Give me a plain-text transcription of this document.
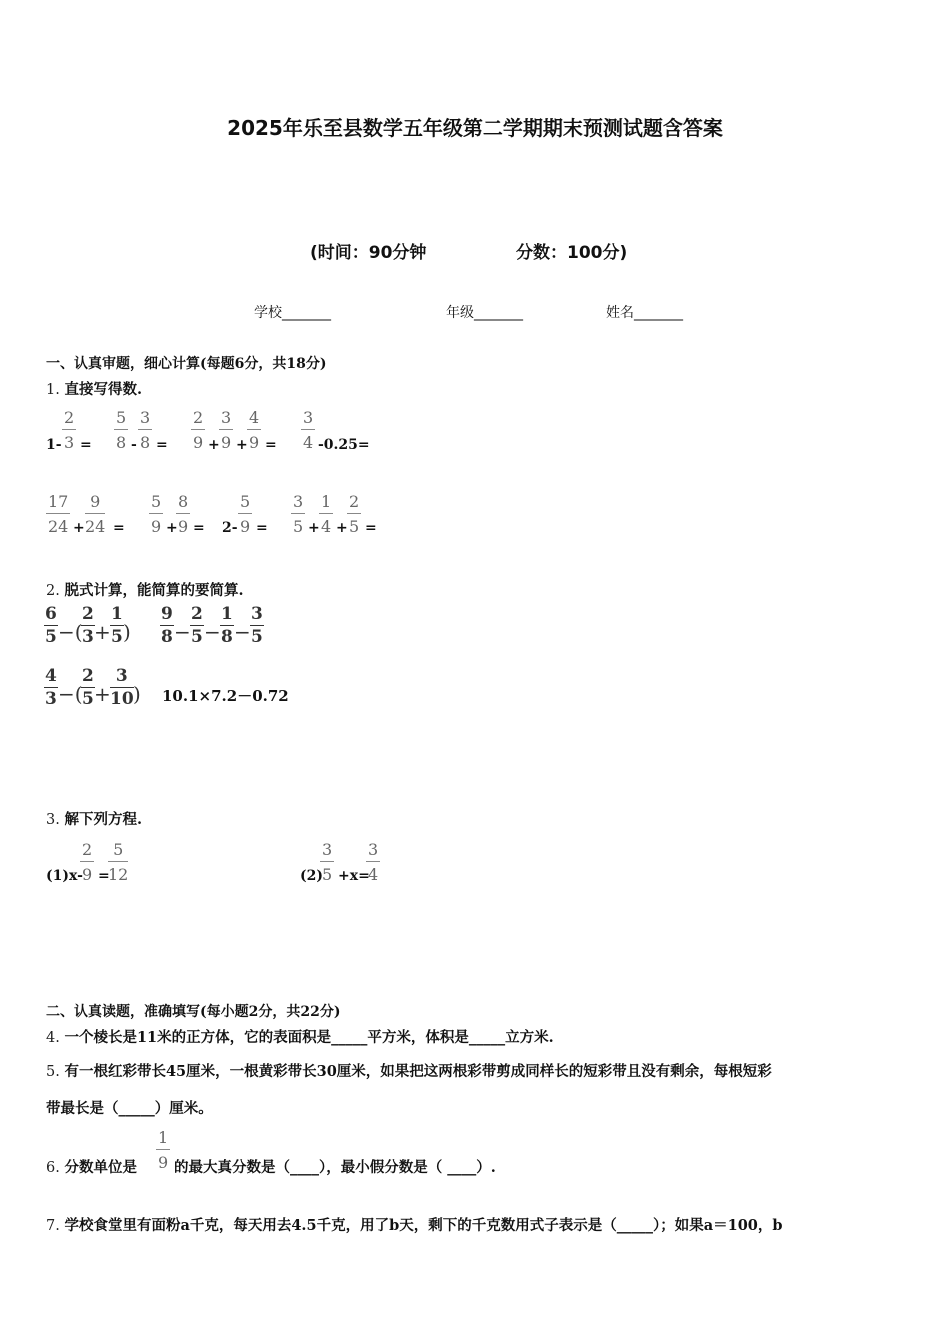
2025年乐至县数学五年级第二学期期末预测试题含答案
(时间：90分钟	分数：100分)
学校_______	年级_______	姓名_______
一、认真审题，细心计算(每题6分，共18分)
1. 直接写得数.
$1- \frac{2}{3} = \frac{5}{8} - \frac{3}{8} = \frac{2}{9} + \frac{3}{9} + \frac{4}{9} = \frac{3}{4} -0.25=$
$\frac{17}{24} + \frac{9}{24} = \frac{5}{9}$ +
$\frac{8}{9} = 2- \frac{5}{9} = \frac{3}{5} + \frac{1}{4} + \frac{2}{5}$ =
2. 脱式计算，能简算的要简算.
6
5 −(
2
3 +
1
5 )
9
8 −
2
5 −
1
8 −
3
5
4
3 −(
2
5 +
3
10 ) 10.1×7.2－0.72
3. 解下列方程.
(1)x-
$\frac{2}{9}$ =
$\frac{5}{12}$	(2)
$\frac{3}{5} +x=$
$\frac{3}{4}$
二、认真读题，准确填写(每小题2分，共22分)
4. 一个棱长是11米的正方体，它的表面积是_____平方米，体积是_____立方米.
5. 有一根红彩带长45厘米，一根黄彩带长30厘米，如果把这两根彩带剪成同样长的短彩带且没有剩余，每根短彩
带最长是（_____）厘米。
6. 分数单位是 $\frac{1}{9}$ 的最大真分数是（____），最小假分数是（ ____）.
7. 学校食堂里有面粉a千克，每天用去4.5千克，用了b天，剩下的千克数用式子表示是（_____）；如果a＝100，b
